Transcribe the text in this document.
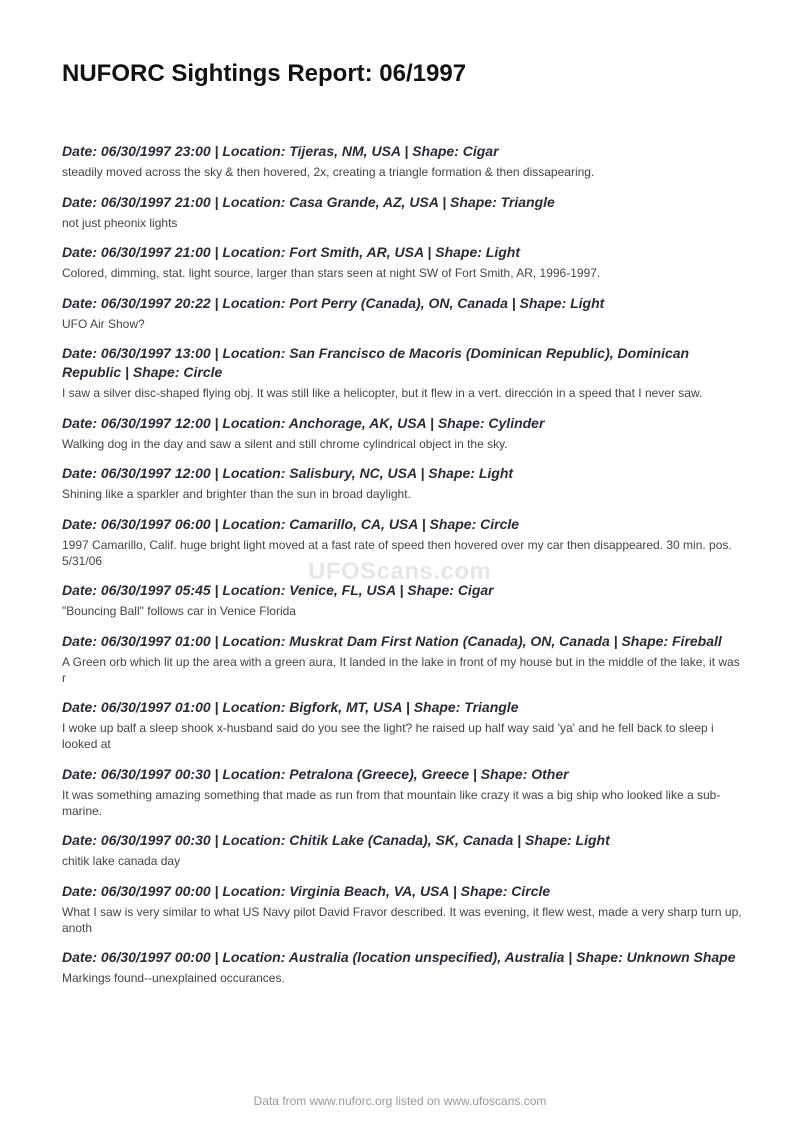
NUFORC Sightings Report: 06/1997
Date: 06/30/1997 23:00 | Location: Tijeras, NM, USA | Shape: Cigar
steadily moved across the sky & then hovered, 2x, creating a triangle formation & then dissapearing.
Date: 06/30/1997 21:00 | Location: Casa Grande, AZ, USA | Shape: Triangle
not just pheonix lights
Date: 06/30/1997 21:00 | Location: Fort Smith, AR, USA | Shape: Light
Colored, dimming, stat. light source, larger than stars seen at night SW of Fort Smith, AR, 1996-1997.
Date: 06/30/1997 20:22 | Location: Port Perry (Canada), ON, Canada | Shape: Light
UFO Air Show?
Date: 06/30/1997 13:00 | Location: San Francisco de Macoris (Dominican Republic), Dominican Republic | Shape: Circle
I saw a silver disc-shaped flying obj. It was still like a helicopter, but it flew in a vert. dirección in a speed that I never saw.
Date: 06/30/1997 12:00 | Location: Anchorage, AK, USA | Shape: Cylinder
Walking dog in the day and saw a silent and still chrome cylindrical object in the sky.
Date: 06/30/1997 12:00 | Location: Salisbury, NC, USA | Shape: Light
Shining like a sparkler and brighter than the sun in broad daylight.
Date: 06/30/1997 06:00 | Location: Camarillo, CA, USA | Shape: Circle
1997 Camarillo, Calif. huge bright light moved at a fast rate of speed then hovered over my car then disappeared. 30 min. pos. 5/31/06
Date: 06/30/1997 05:45 | Location: Venice, FL, USA | Shape: Cigar
"Bouncing Ball" follows car in Venice Florida
Date: 06/30/1997 01:00 | Location: Muskrat Dam First Nation (Canada), ON, Canada | Shape: Fireball
A Green orb which lit up the area with a green aura, It landed in the lake in front of my house but in the middle of the lake, it was r
Date: 06/30/1997 01:00 | Location: Bigfork, MT, USA | Shape: Triangle
I woke up balf a sleep shook x-husband said do you see the light? he raised up half way said 'ya' and he fell back to sleep i looked at
Date: 06/30/1997 00:30 | Location: Petralona (Greece), Greece | Shape: Other
It was something amazing something that made as run from that mountain like crazy it was a big ship who looked like a sub-marine.
Date: 06/30/1997 00:30 | Location: Chitik Lake (Canada), SK, Canada | Shape: Light
chitik lake canada day
Date: 06/30/1997 00:00 | Location: Virginia Beach, VA, USA | Shape: Circle
What I saw is very similar to what US Navy pilot David Fravor described. It was evening, it flew west, made a very sharp turn up, anoth
Date: 06/30/1997 00:00 | Location: Australia (location unspecified), Australia | Shape: Unknown Shape
Markings found--unexplained occurances.
UFOScans.com
Data from www.nuforc.org listed on www.ufoscans.com
